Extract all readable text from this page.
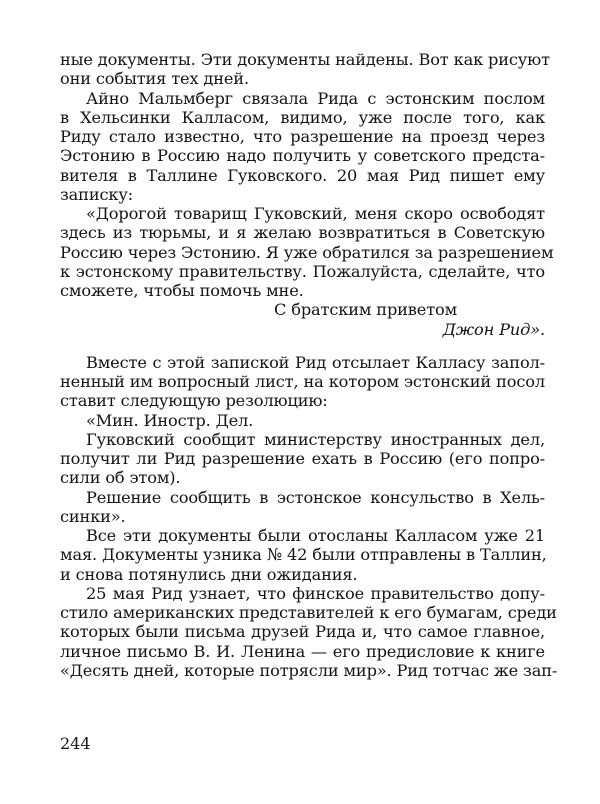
ные документы. Эти документы найдены. Вот как рисуют
они события тех дней.
Айно Мальмберг связала Рида с эстонским послом
в Хельсинки Калласом, видимо, уже после того, как
Риду стало известно, что разрешение на проезд через
Эстонию в Россию надо получить у советского предста-
вителя в Таллине Гуковского. 20 мая Рид пишет ему
записку:
«Дорогой товарищ Гуковский, меня скоро освободят
здесь из тюрьмы, и я желаю возвратиться в Советскую
Россию через Эстонию. Я уже обратился за разрешением
к эстонскому правительству. Пожалуйста, сделайте, что
сможете, чтобы помочь мне.
С братским приветом
Джон Рид».
Вместе с этой запиской Рид отсылает Калласу запол-
ненный им вопросный лист, на котором эстонский посол
ставит следующую резолюцию:
«Мин. Иностр. Дел.
Гуковский сообщит министерству иностранных дел,
получит ли Рид разрешение ехать в Россию (его попро-
сили об этом).
Решение сообщить в эстонское консульство в Хель-
синки».
Все эти документы были отосланы Калласом уже 21
мая. Документы узника № 42 были отправлены в Таллин,
и снова потянулись дни ожидания.
25 мая Рид узнает, что финское правительство допу-
стило американских представителей к его бумагам, среди
которых были письма друзей Рида и, что самое главное,
личное письмо В. И. Ленина — его предисловие к книге
«Десять дней, которые потрясли мир». Рид тотчас же зап-
244
